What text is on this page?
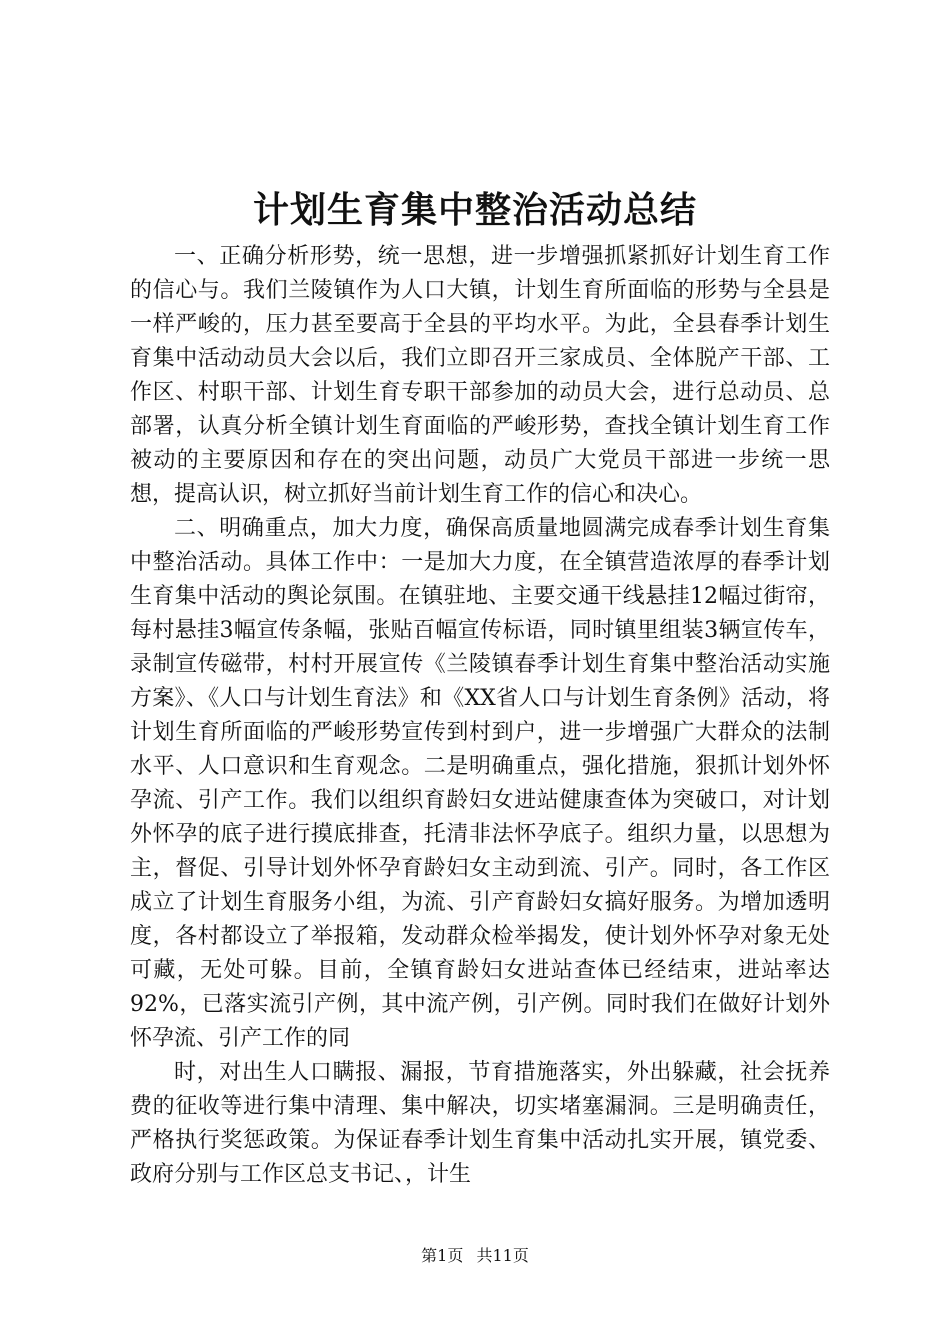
计划生育集中整治活动总结

一、正确分析形势，统一思想，进一步增强抓紧抓好计划生育工作的信心与。我们兰陵镇作为人口大镇，计划生育所面临的形势与全县是一样严峻的，压力甚至要高于全县的平均水平。为此，全县春季计划生育集中活动动员大会以后，我们立即召开三家成员、全体脱产干部、工作区、村职干部、计划生育专职干部参加的动员大会，进行总动员、总部署，认真分析全镇计划生育面临的严峻形势，查找全镇计划生育工作被动的主要原因和存在的突出问题，动员广大党员干部进一步统一思想，提高认识，树立抓好当前计划生育工作的信心和决心。

二、明确重点，加大力度，确保高质量地圆满完成春季计划生育集中整治活动。具体工作中：一是加大力度，在全镇营造浓厚的春季计划生育集中活动的舆论氛围。在镇驻地、主要交通干线悬挂12幅过街帘，每村悬挂3幅宣传条幅，张贴百幅宣传标语，同时镇里组装3辆宣传车，录制宣传磁带，村村开展宣传《兰陵镇春季计划生育集中整治活动实施方案》、《人口与计划生育法》和《XX省人口与计划生育条例》活动，将计划生育所面临的严峻形势宣传到村到户，进一步增强广大群众的法制水平、人口意识和生育观念。二是明确重点，强化措施，狠抓计划外怀孕流、引产工作。我们以组织育龄妇女进站健康查体为突破口，对计划外怀孕的底子进行摸底排查，托清非法怀孕底子。组织力量，以思想为主，督促、引导计划外怀孕育龄妇女主动到流、引产。同时，各工作区成立了计划生育服务小组，为流、引产育龄妇女搞好服务。为增加透明度，各村都设立了举报箱，发动群众检举揭发，使计划外怀孕对象无处可藏，无处可躲。目前，全镇育龄妇女进站查体已经结束，进站率达92%，已落实流引产例，其中流产例，引产例。同时我们在做好计划外怀孕流、引产工作的同

时，对出生人口瞒报、漏报，节育措施落实，外出躲藏，社会抚养费的征收等进行集中清理、集中解决，切实堵塞漏洞。三是明确责任，严格执行奖惩政策。为保证春季计划生育集中活动扎实开展，镇党委、政府分别与工作区总支书记、，计生

第1页 共11页
